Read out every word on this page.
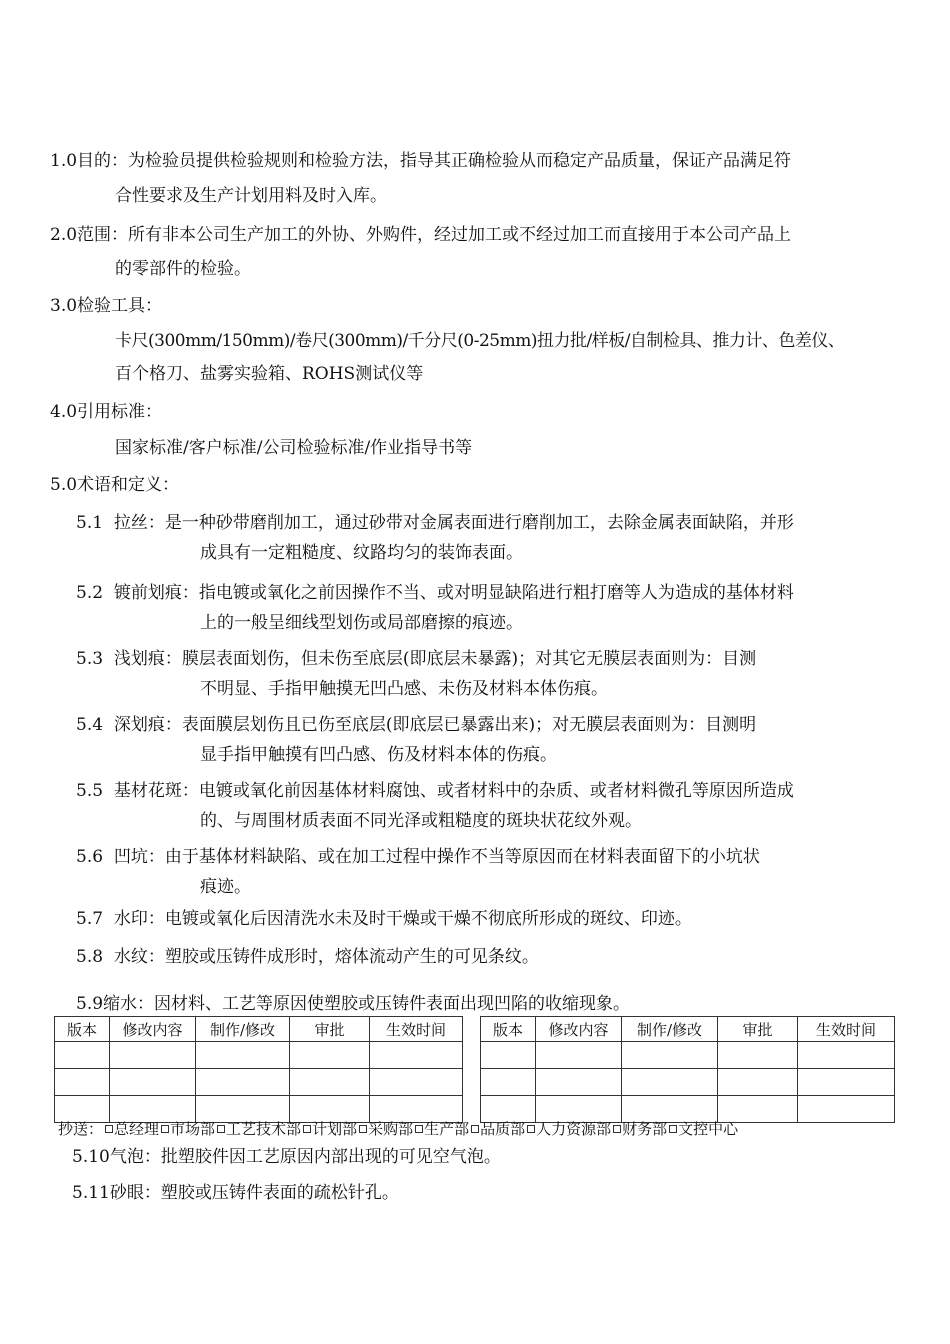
1.0目的：为检验员提供检验规则和检验方法，指导其正确检验从而稳定产品质量，保证产品满足符
合性要求及生产计划用料及时入库。
2.0范围：所有非本公司生产加工的外协、外购件，经过加工或不经过加工而直接用于本公司产品上
的零部件的检验。
3.0检验工具：
卡尺(300mm/150mm)/卷尺(300mm)/千分尺(0-25mm)扭力批/样板/自制检具、推力计、色差仪、
百个格刀、盐雾实验箱、ROHS测试仪等
4.0引用标准：
国家标准/客户标准/公司检验标准/作业指导书等
5.0术语和定义：
5.1 拉丝：是一种砂带磨削加工，通过砂带对金属表面进行磨削加工，去除金属表面缺陷，并形
成具有一定粗糙度、纹路均匀的装饰表面。
5.2 镀前划痕：指电镀或氧化之前因操作不当、或对明显缺陷进行粗打磨等人为造成的基体材料
上的一般呈细线型划伤或局部磨擦的痕迹。
5.3 浅划痕：膜层表面划伤，但未伤至底层(即底层未暴露)；对其它无膜层表面则为：目测
不明显、手指甲触摸无凹凸感、未伤及材料本体伤痕。
5.4 深划痕：表面膜层划伤且已伤至底层(即底层已暴露出来)；对无膜层表面则为：目测明
显手指甲触摸有凹凸感、伤及材料本体的伤痕。
5.5 基材花斑：电镀或氧化前因基体材料腐蚀、或者材料中的杂质、或者材料微孔等原因所造成
的、与周围材质表面不同光泽或粗糙度的斑块状花纹外观。
5.6 凹坑：由于基体材料缺陷、或在加工过程中操作不当等原因而在材料表面留下的小坑状
痕迹。
5.7 水印：电镀或氧化后因清洗水未及时干燥或干燥不彻底所形成的斑纹、印迹。
5.8 水纹：塑胶或压铸件成形时，熔体流动产生的可见条纹。
5.9缩水：因材料、工艺等原因使塑胶或压铸件表面出现凹陷的收缩现象。
版本	修改内容	制作/修改	审批	生效时间

					版本	修改内容	制作/修改	审批	生效时间

抄送： 总经理 市场部 工艺技术部 计划部 采购部 生产部 品质部 人力资源部 财务部 文控中心
5.10气泡：批塑胶件因工艺原因内部出现的可见空气泡。
5.11砂眼：塑胶或压铸件表面的疏松针孔。
